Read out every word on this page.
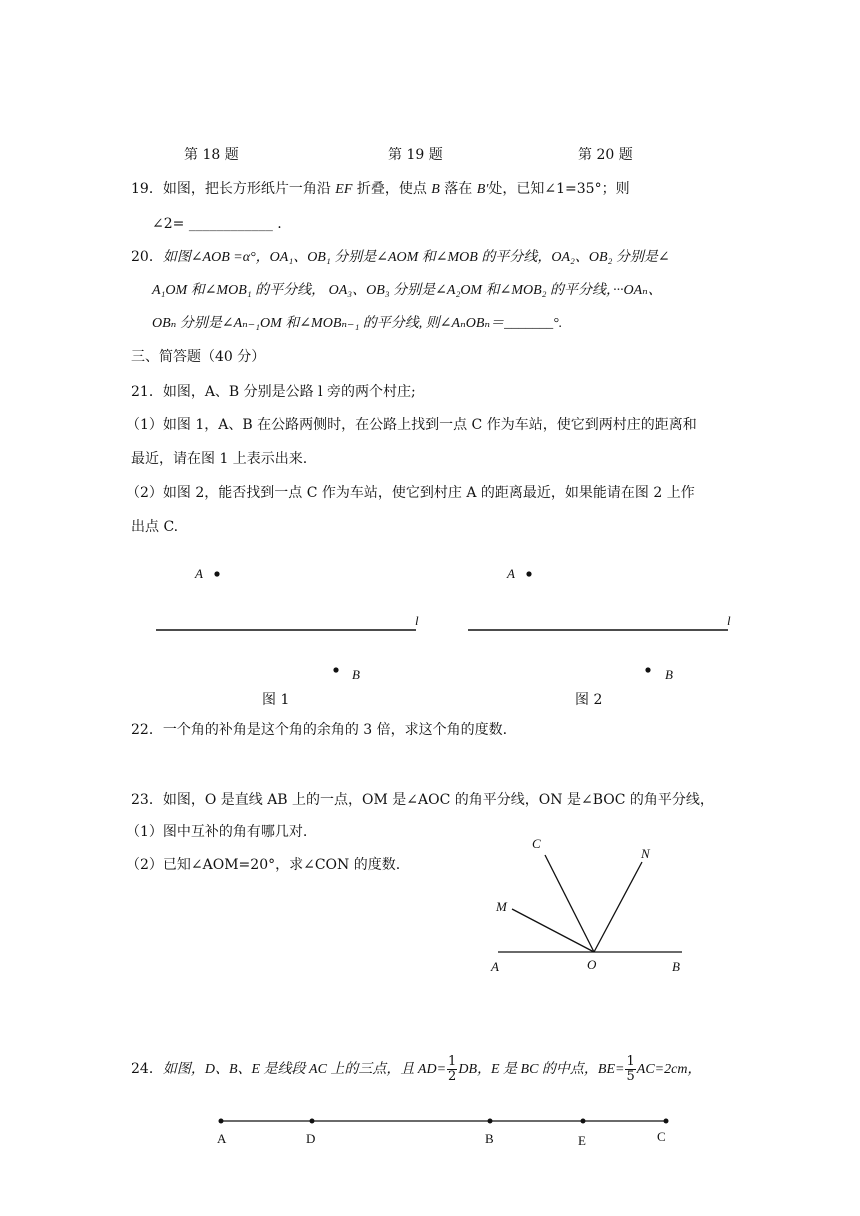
第 18 题	第 19 题	第 20 题
19．如图，把长方形纸片一角沿 EF 折叠，使点 B 落在 B′处，已知∠1=35°；则
∠2= ____________ .
20．如图∠AOB =α°，OA₁、OB₁ 分别是∠AOM 和∠MOB 的平分线，OA₂、OB₂ 分别是∠
A₁OM 和∠MOB₁ 的平分线， OA₃、OB₃ 分别是∠A₂OM 和∠MOB₂ 的平分线，···OAₙ、
OBₙ 分别是∠Aₙ₋₁OM 和∠MOBₙ₋₁ 的平分线, 则∠AₙOBₙ＝_______°.
三、简答题（40 分）
21．如图，A、B 分别是公路 l 旁的两个村庄;
（1）如图 1，A、B 在公路两侧时，在公路上找到一点 C 作为车站，使它到两村庄的距离和
最近，请在图 1 上表示出来.
（2）如图 2，能否找到一点 C 作为车站，使它到村庄 A 的距离最近，如果能请在图 2 上作
出点 C.
A
l
B
图 1
A
l
B
图 2
22．一个角的补角是这个角的余角的 3 倍，求这个角的度数.
23．如图，O 是直线 AB 上的一点，OM 是∠AOC 的角平分线，ON 是∠BOC 的角平分线，
（1）图中互补的角有哪几对.
（2）已知∠AOM=20°，求∠CON 的度数.
C
N
M
A	O	B
24．如图，D、B、E 是线段 AC 上的三点，且 $AD= \frac{1}{2}$ DB，E 是 BC 的中点，$BE= \frac{1}{5} AC=2cm$，
A	D	B	E	C
